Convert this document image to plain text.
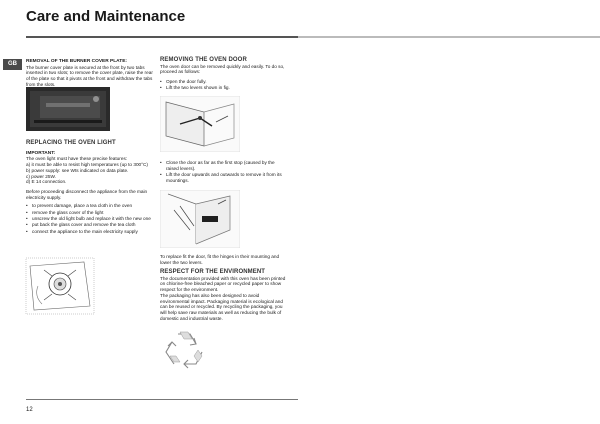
Care and Maintenance
GB	REMOVAL OF THE BURNER COVER PLATE:
The burner cover plate is secured at the front by two tabs inserted in two slots; to remove the cover plate, raise the rear of the plate so that it pivots at the front and withdraw the tabs from the slots.

REPLACING THE OVEN LIGHT

IMPORTANT:
The oven light must have these precise features:
a) it must be able to resist high temperatures (up to 300°C)
b) power supply: see Wts indicated on data plate.
c) power 25W.
d) E 14 connection.

Before proceeding disconnect the appliance from the main electricity supply.

• to prevent damage, place a tea cloth in the oven
• remove the glass cover of the light
• unscrew the old light bulb and replace it with the new one
• put back the glass cover and remove the tea cloth
• connect the appliance to the main electricity supply
REMOVING THE OVEN DOOR

The oven door can be removed quickly and easily. To do so, proceed as follows:

• Open the door fully.
• Lift the two levers shown in fig.
• Close the door as far as the first stop (caused by the raised levers).
• Lift the door upwards and outwards to remove it from its mountings.

To replace fit the door, fit the hinges in their mounting and lower the two levers.

RESPECT FOR THE ENVIRONMENT

The documentation provided with this oven has been printed on chlorine-free bleached paper or recycled paper to show respect for the environment.

The packaging has also been designed to avoid environmental impact. Packaging material is ecological and can be reused or recycled. By recycling the packaging, you will help save raw materials as well as reducing the bulk of domestic and industrial waste.

12
